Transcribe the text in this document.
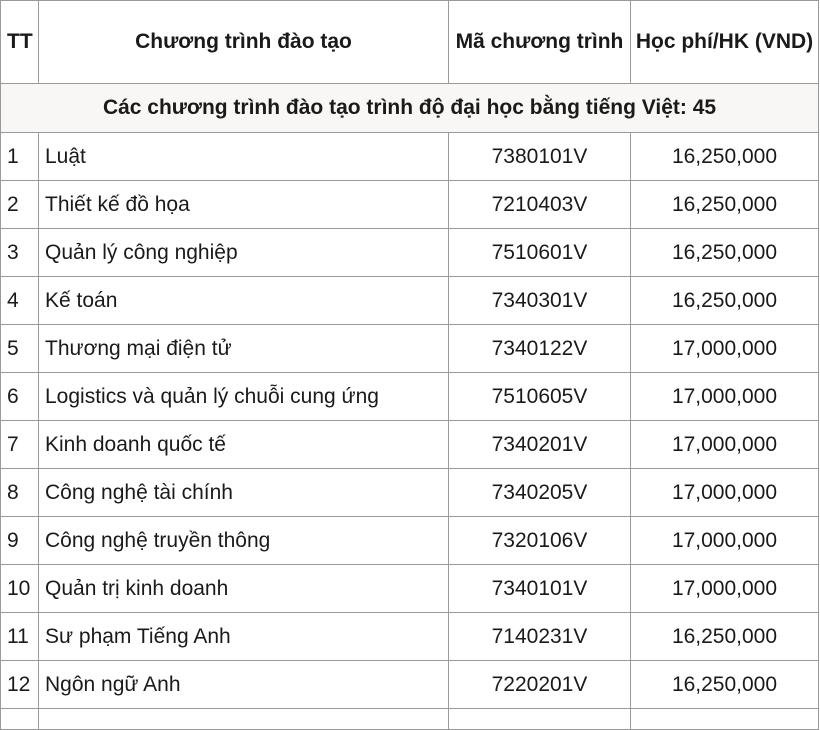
TT	Chương trình đào tạo	Mã chương trình	Học phí/HK (VND)
Các chương trình đào tạo trình độ đại học bằng tiếng Việt: 45			
1	Luật	7380101V	16,250,000
2	Thiết kế đồ họa	7210403V	16,250,000
3	Quản lý công nghiệp	7510601V	16,250,000
4	Kế toán	7340301V	16,250,000
5	Thương mại điện tử	7340122V	17,000,000
6	Logistics và quản lý chuỗi cung ứng	7510605V	17,000,000
7	Kinh doanh quốc tế	7340201V	17,000,000
8	Công nghệ tài chính	7340205V	17,000,000
9	Công nghệ truyền thông	7320106V	17,000,000
10	Quản trị kinh doanh	7340101V	17,000,000
11	Sư phạm Tiếng Anh	7140231V	16,250,000
12	Ngôn ngữ Anh	7220201V	16,250,000
